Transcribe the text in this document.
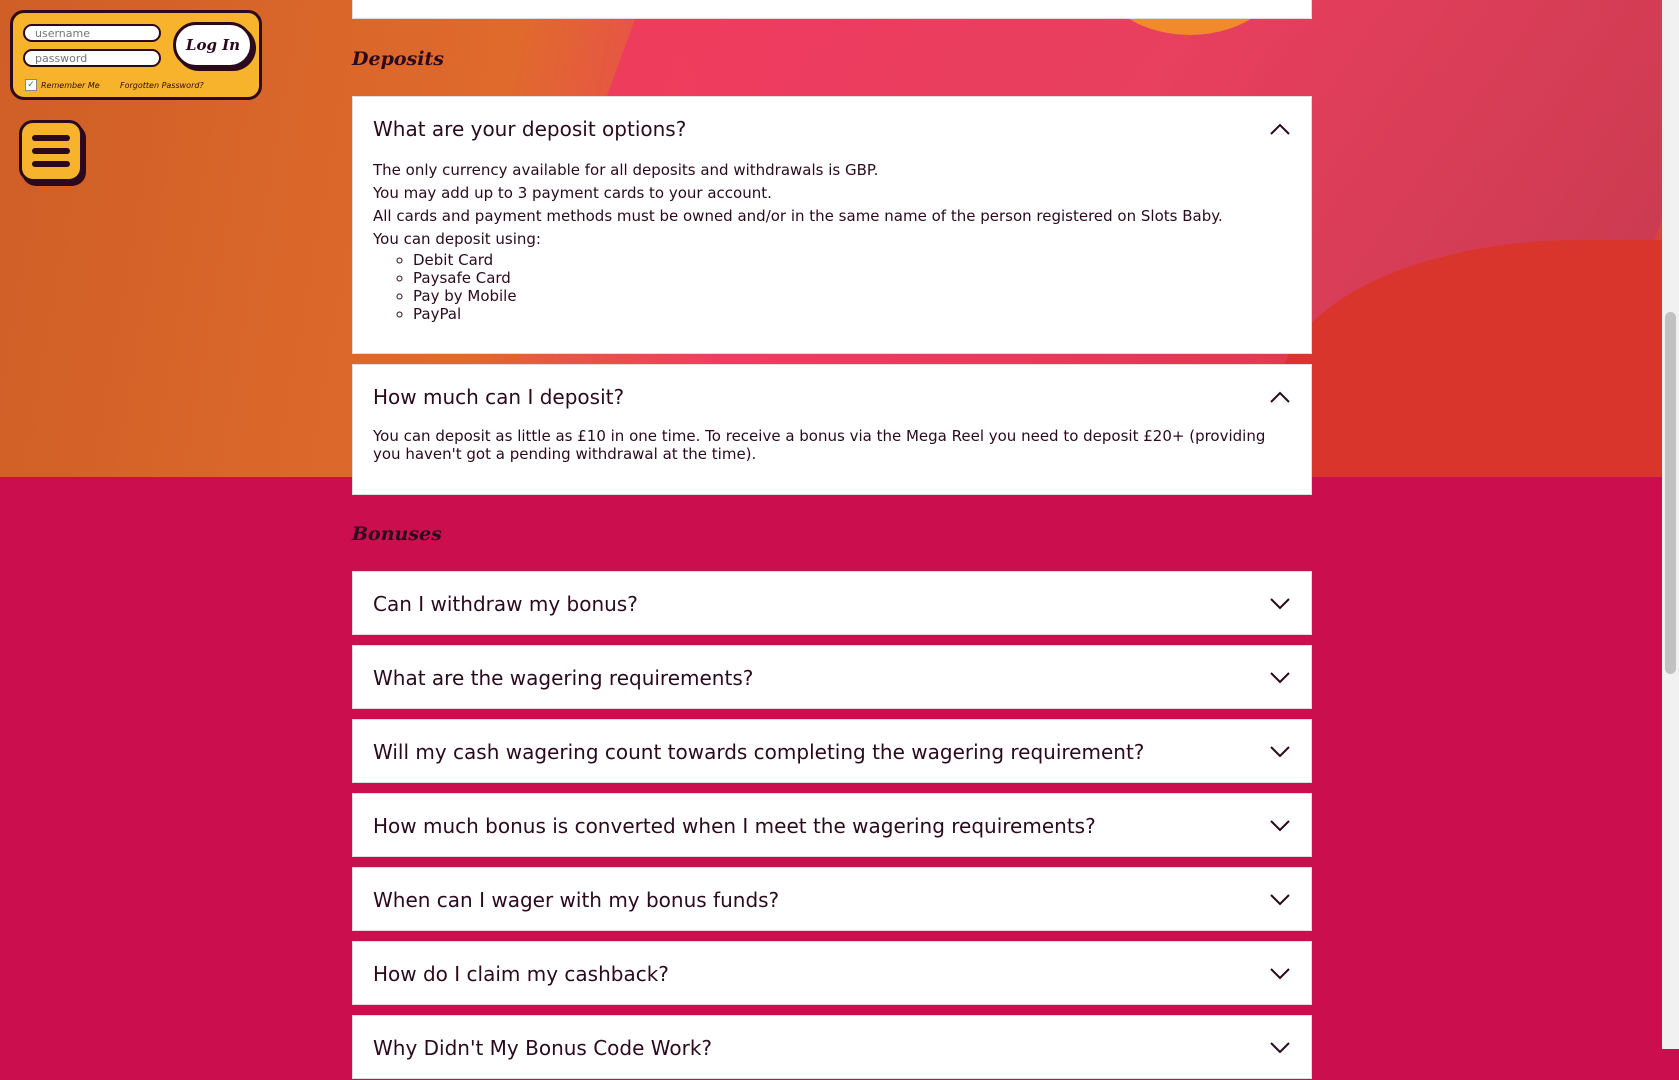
Deposits
What are your deposit options?

The only currency available for all deposits and withdrawals is GBP.

You may add up to 3 payment cards to your account.

All cards and payment methods must be owned and/or in the same name of the person registered on Slots Baby.

You can deposit using:

◦ Debit Card
◦ Paysafe Card
◦ Pay by Mobile
◦ PayPal
How much can I deposit?

You can deposit as little as £10 in one time. To receive a bonus via the Mega Reel you need to deposit £20+ (providing you haven't got a pending withdrawal at the time).

Bonuses
Can I withdraw my bonus?
What are the wagering requirements?
Will my cash wagering count towards completing the wagering requirement?
How much bonus is converted when I meet the wagering requirements?
When can I wager with my bonus funds?
How do I claim my cashback?
Why Didn't My Bonus Code Work?
username
Log In
✓ Remember Me	Forgotten Password?
